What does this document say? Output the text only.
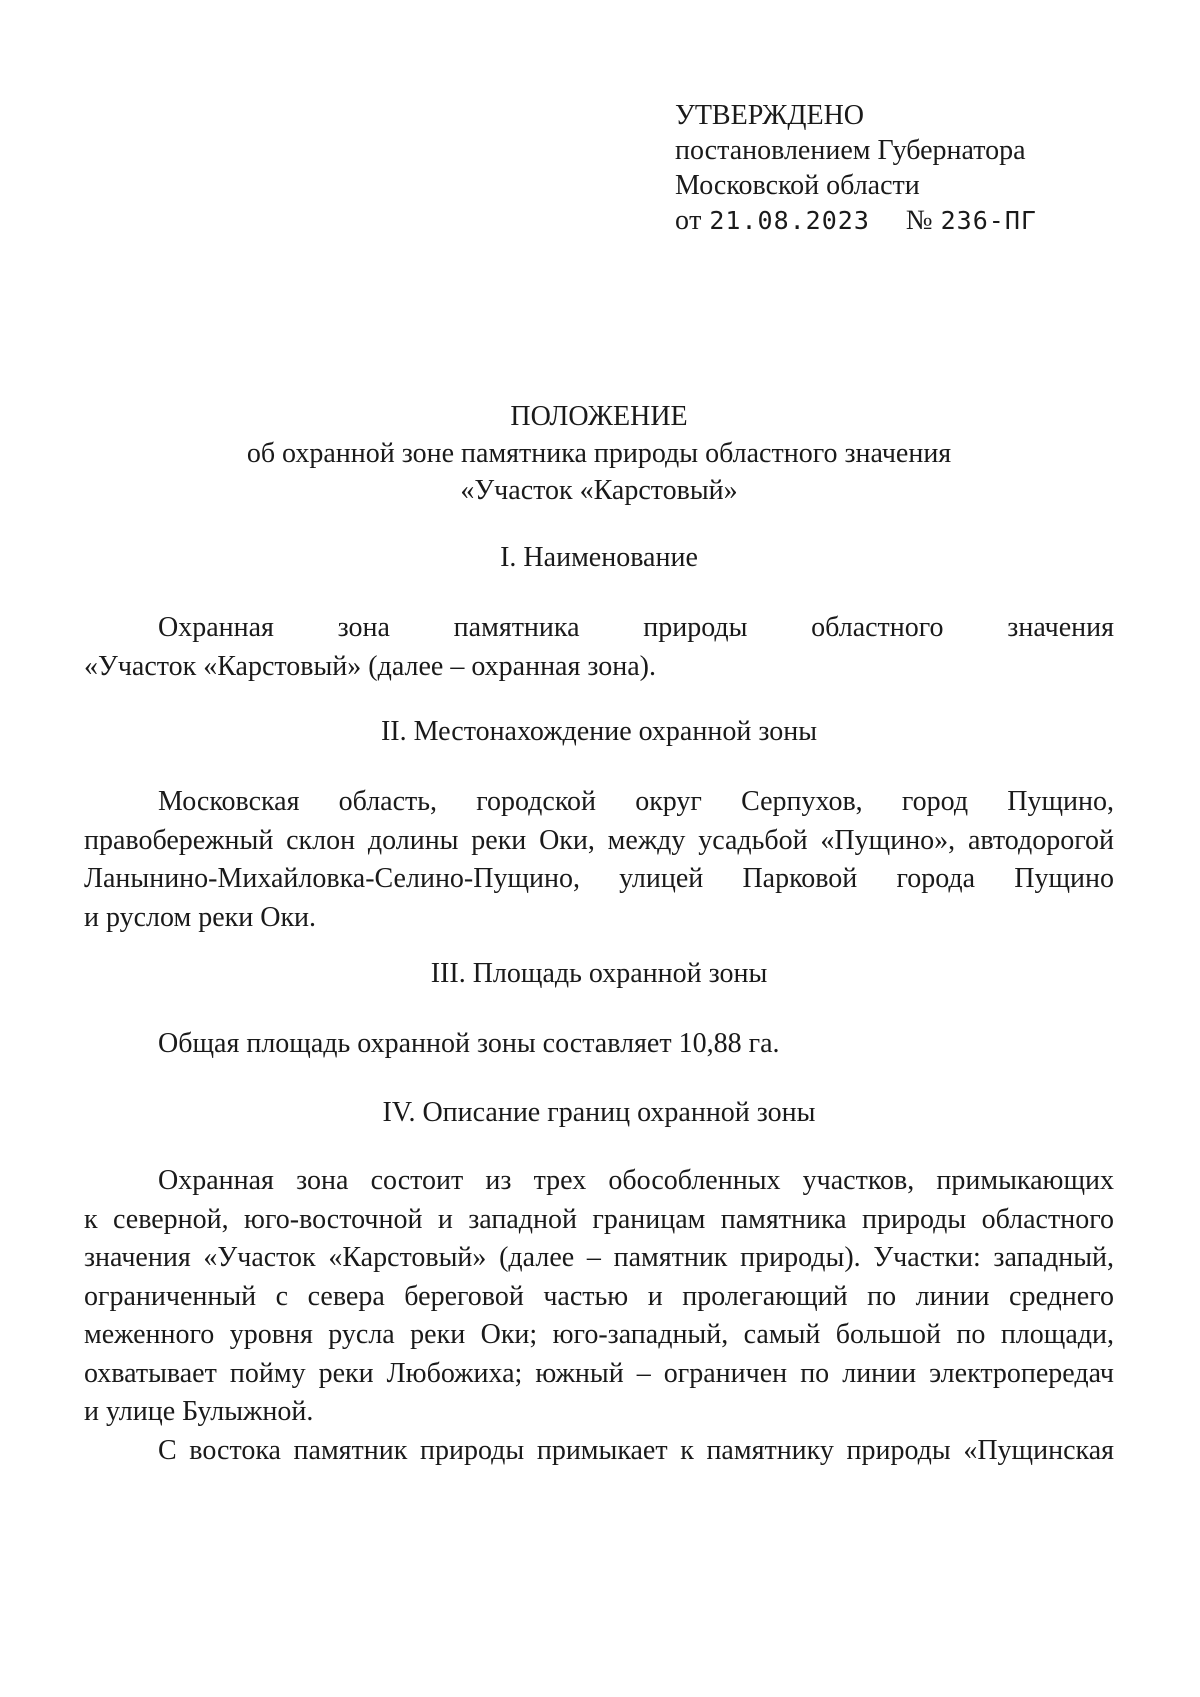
УТВЕРЖДЕНО
постановлением Губернатора
Московской области
от 21.08.2023 № 236-ПГ
ПОЛОЖЕНИЕ
об охранной зоне памятника природы областного значения
«Участок «Карстовый»
I. Наименование
Охранная зона памятника природы областного значения
«Участок «Карстовый» (далее – охранная зона).
II. Местонахождение охранной зоны
Московская область, городской округ Серпухов, город Пущино,
правобережный склон долины реки Оки, между усадьбой «Пущино», автодорогой
Ланынино-Михайловка-Селино-Пущино, улицей Парковой города Пущино
и руслом реки Оки.
III. Площадь охранной зоны
Общая площадь охранной зоны составляет 10,88 га.
IV. Описание границ охранной зоны
Охранная зона состоит из трех обособленных участков, примыкающих
к северной, юго-восточной и западной границам памятника природы областного
значения «Участок «Карстовый» (далее – памятник природы). Участки: западный,
ограниченный с севера береговой частью и пролегающий по линии среднего
меженного уровня русла реки Оки; юго-западный, самый большой по площади,
охватывает пойму реки Любожиха; южный – ограничен по линии электропередач
и улице Булыжной.
С востока памятник природы примыкает к памятнику природы «Пущинская
